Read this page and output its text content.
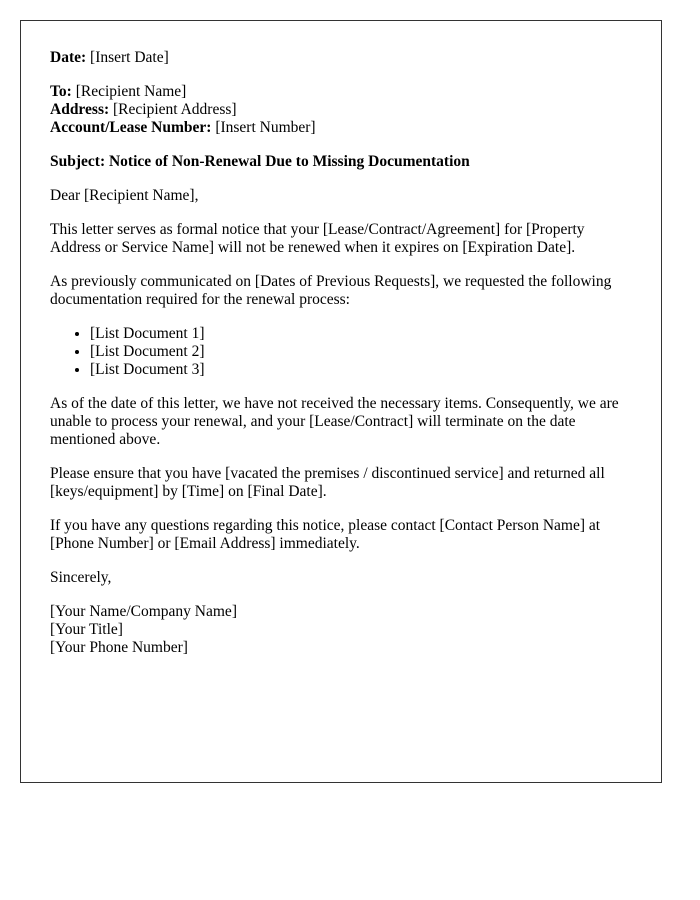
Date: [Insert Date]

To: [Recipient Name]
Address: [Recipient Address]
Account/Lease Number: [Insert Number]

Subject: Notice of Non-Renewal Due to Missing Documentation

Dear [Recipient Name],

This letter serves as formal notice that your [Lease/Contract/Agreement] for [Property Address or Service Name] will not be renewed when it expires on [Expiration Date].

As previously communicated on [Dates of Previous Requests], we requested the following documentation required for the renewal process:

• [List Document 1]
• [List Document 2]
• [List Document 3]

As of the date of this letter, we have not received the necessary items. Consequently, we are unable to process your renewal, and your [Lease/Contract] will terminate on the date mentioned above.

Please ensure that you have [vacated the premises / discontinued service] and returned all [keys/equipment] by [Time] on [Final Date].

If you have any questions regarding this notice, please contact [Contact Person Name] at [Phone Number] or [Email Address] immediately.

Sincerely,

[Your Name/Company Name]
[Your Title]
[Your Phone Number]
